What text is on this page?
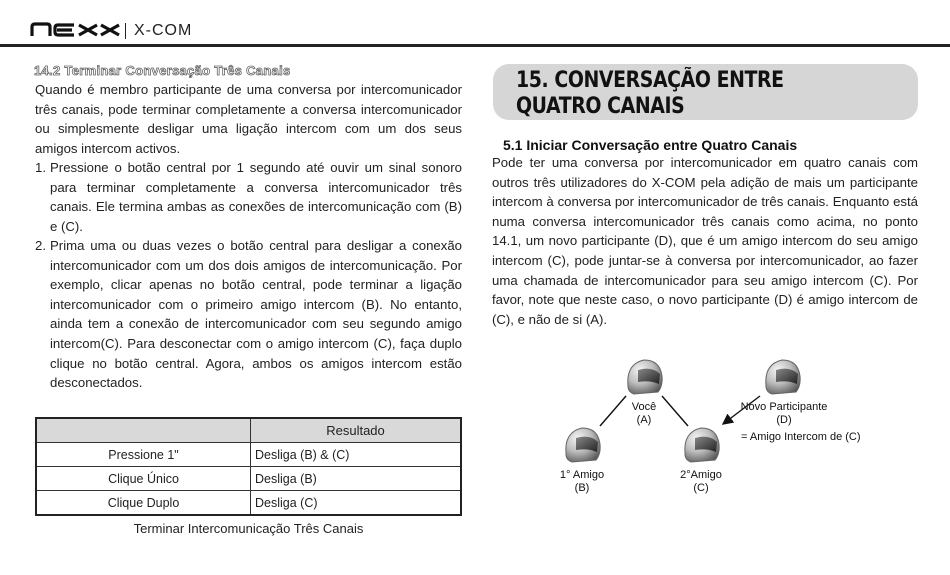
X-COM
14.2 Terminar Conversação Três Canais
Quando é membro participante de uma conversa por intercomunicador três canais, pode terminar completamente a conversa intercomunicador ou simplesmente desligar uma ligação intercom com um dos seus amigos intercom activos.
1. Pressione o botão central por 1 segundo até ouvir um sinal sonoro para terminar completamente a conversa intercomunicador três canais. Ele termina ambas as conexões de intercomunicação com (B) e (C).
2. Prima uma ou duas vezes o botão central para desligar a conexão intercomunicador com um dos dois amigos de intercomunicação. Por exemplo, clicar apenas no botão central, pode terminar a ligação intercomunicador com o primeiro amigo intercom (B). No entanto, ainda tem a conexão de intercomunicador com seu segundo amigo intercom(C). Para desconectar com o amigo intercom (C), faça duplo clique no botão central. Agora, ambos os amigos intercom estão desconectados.
	Resultado
Pressione 1"	Desliga (B) & (C)
Clique Único	Desliga (B)
Clique Duplo	Desliga (C)
Terminar Intercomunicação Três Canais
15. CONVERSAÇÃO ENTRE QUATRO CANAIS
5.1 Iniciar Conversação entre Quatro Canais
Pode ter uma conversa por intercomunicador em quatro canais com outros três utilizadores do X-COM pela adição de mais um participante intercom à conversa por intercomunicador de três canais. Enquanto está numa conversa intercomunicador três canais como acima, no ponto 14.1, um novo participante (D), que é um amigo intercom do seu amigo intercom (C), pode juntar-se à conversa por intercomunicador, ao fazer uma chamada de intercomunicador para seu amigo intercom (C). Por favor, note que neste caso, o novo participante (D) é amigo intercom de (C), e não de si (A).
Você
(A)
Novo Participante
(D)
= Amigo Intercom de (C)
1° Amigo
(B)
2°Amigo
(C)
